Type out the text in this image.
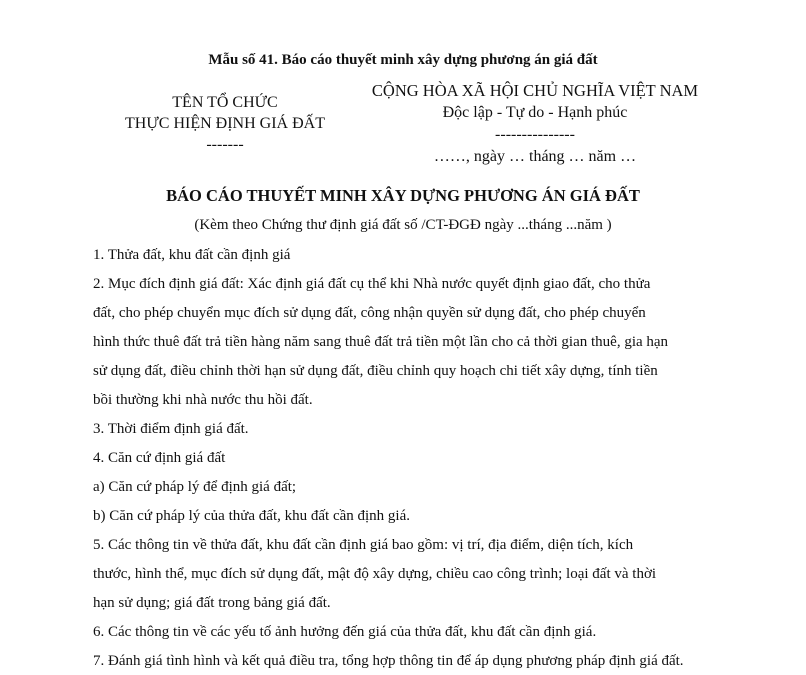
Mẫu số 41. Báo cáo thuyết minh xây dựng phương án giá đất
TÊN TỔ CHỨC
THỰC HIỆN ĐỊNH GIÁ ĐẤT
-------
CỘNG HÒA XÃ HỘI CHỦ NGHĨA VIỆT NAM
Độc lập - Tự do - Hạnh phúc
---------------
……, ngày … tháng … năm …
BÁO CÁO THUYẾT MINH XÂY DỰNG PHƯƠNG ÁN GIÁ ĐẤT
(Kèm theo Chứng thư định giá đất số /CT-ĐGĐ ngày ...tháng ...năm )
1. Thửa đất, khu đất cần định giá
2. Mục đích định giá đất: Xác định giá đất cụ thể khi Nhà nước quyết định giao đất, cho thửa
đất, cho phép chuyển mục đích sử dụng đất, công nhận quyền sử dụng đất, cho phép chuyển
hình thức thuê đất trả tiền hàng năm sang thuê đất trả tiền một lần cho cả thời gian thuê, gia hạn
sử dụng đất, điều chỉnh thời hạn sử dụng đất, điều chỉnh quy hoạch chi tiết xây dựng, tính tiền
bồi thường khi nhà nước thu hồi đất.
3. Thời điểm định giá đất.
4. Căn cứ định giá đất
a) Căn cứ pháp lý để định giá đất;
b) Căn cứ pháp lý của thửa đất, khu đất cần định giá.
5. Các thông tin về thửa đất, khu đất cần định giá bao gồm: vị trí, địa điểm, diện tích, kích
thước, hình thể, mục đích sử dụng đất, mật độ xây dựng, chiều cao công trình; loại đất và thời
hạn sử dụng; giá đất trong bảng giá đất.
6. Các thông tin về các yếu tố ảnh hưởng đến giá của thửa đất, khu đất cần định giá.
7. Đánh giá tình hình và kết quả điều tra, tổng hợp thông tin để áp dụng phương pháp định giá đất.
